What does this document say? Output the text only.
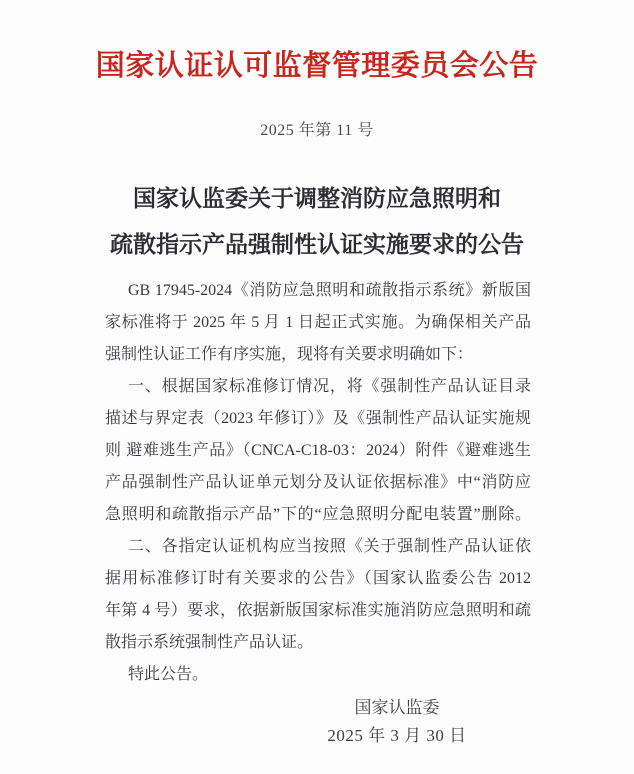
国家认证认可监督管理委员会公告
2025 年第 11 号
国家认监委关于调整消防应急照明和
疏散指示产品强制性认证实施要求的公告
GB 17945-2024《消防应急照明和疏散指示系统》新版国
家标准将于 2025 年 5 月 1 日起正式实施。为确保相关产品
强制性认证工作有序实施，现将有关要求明确如下：
一、根据国家标准修订情况，将《强制性产品认证目录
描述与界定表（2023 年修订）》及《强制性产品认证实施规
则 避难逃生产品》（CNCA-C18-03：2024）附件《避难逃生
产品强制性产品认证单元划分及认证依据标准》中“消防应
急照明和疏散指示产品”下的“应急照明分配电装置”删除。
二、各指定认证机构应当按照《关于强制性产品认证依
据用标准修订时有关要求的公告》（国家认监委公告 2012
年第 4 号）要求，依据新版国家标准实施消防应急照明和疏
散指示系统强制性产品认证。
特此公告。
国家认监委
2025 年 3 月 30 日
